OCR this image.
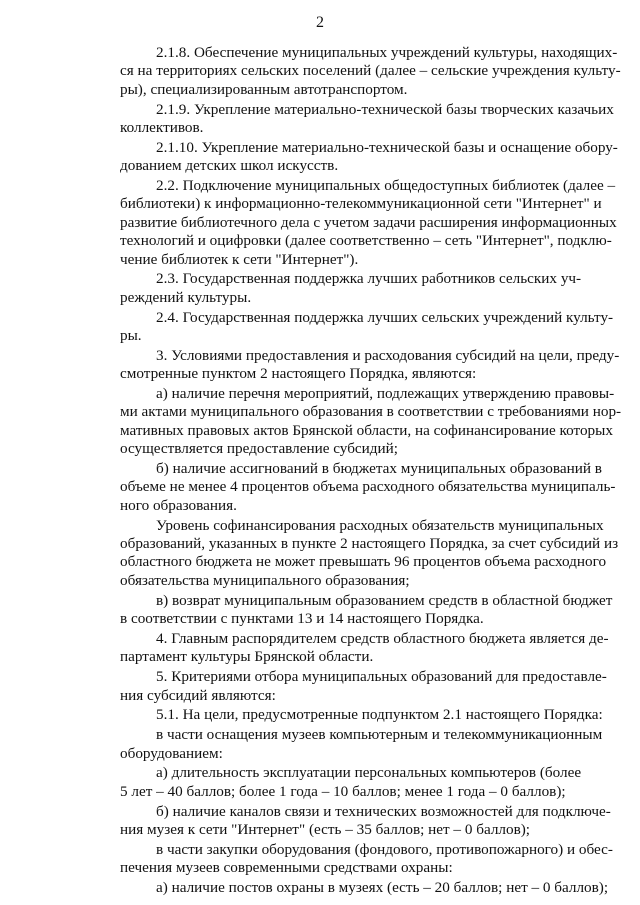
2
2.1.8. Обеспечение муниципальных учреждений культуры, находящих-
ся на территориях сельских поселений (далее – сельские учреждения культу-
ры), специализированным автотранспортом.
2.1.9. Укрепление материально-технической базы творческих казачьих
коллективов.
2.1.10. Укрепление материально-технической базы и оснащение обору-
дованием детских школ искусств.
2.2. Подключение муниципальных общедоступных библиотек (далее –
библиотеки) к информационно-телекоммуникационной сети "Интернет" и
развитие библиотечного дела с учетом задачи расширения информационных
технологий и оцифровки (далее соответственно – сеть "Интернет", подклю-
чение библиотек к сети "Интернет").
2.3. Государственная поддержка лучших работников сельских уч-
реждений культуры.
2.4. Государственная поддержка лучших сельских учреждений культу-
ры.
3. Условиями предоставления и расходования субсидий на цели, преду-
смотренные пунктом 2 настоящего Порядка, являются:
а) наличие перечня мероприятий, подлежащих утверждению правовы-
ми актами муниципального образования в соответствии с требованиями нор-
мативных правовых актов Брянской области, на софинансирование которых
осуществляется предоставление субсидий;
б) наличие ассигнований в бюджетах муниципальных образований в
объеме не менее 4 процентов объема расходного обязательства муниципаль-
ного образования.
Уровень софинансирования расходных обязательств муниципальных
образований, указанных в пункте 2 настоящего Порядка, за счет субсидий из
областного бюджета не может превышать 96 процентов объема расходного
обязательства муниципального образования;
в) возврат муниципальным образованием средств в областной бюджет
в соответствии с пунктами 13 и 14 настоящего Порядка.
4. Главным распорядителем средств областного бюджета является де-
партамент культуры Брянской области.
5. Критериями отбора муниципальных образований для предоставле-
ния субсидий являются:
5.1. На цели, предусмотренные подпунктом 2.1 настоящего Порядка:
в части оснащения музеев компьютерным и телекоммуникационным
оборудованием:
а) длительность эксплуатации персональных компьютеров (более
5 лет – 40 баллов; более 1 года – 10 баллов; менее 1 года – 0 баллов);
б) наличие каналов связи и технических возможностей для подключе-
ния музея к сети "Интернет" (есть – 35 баллов; нет – 0 баллов);
в части закупки оборудования (фондового, противопожарного) и обес-
печения музеев современными средствами охраны:
а) наличие постов охраны в музеях (есть – 20 баллов; нет – 0 баллов);
